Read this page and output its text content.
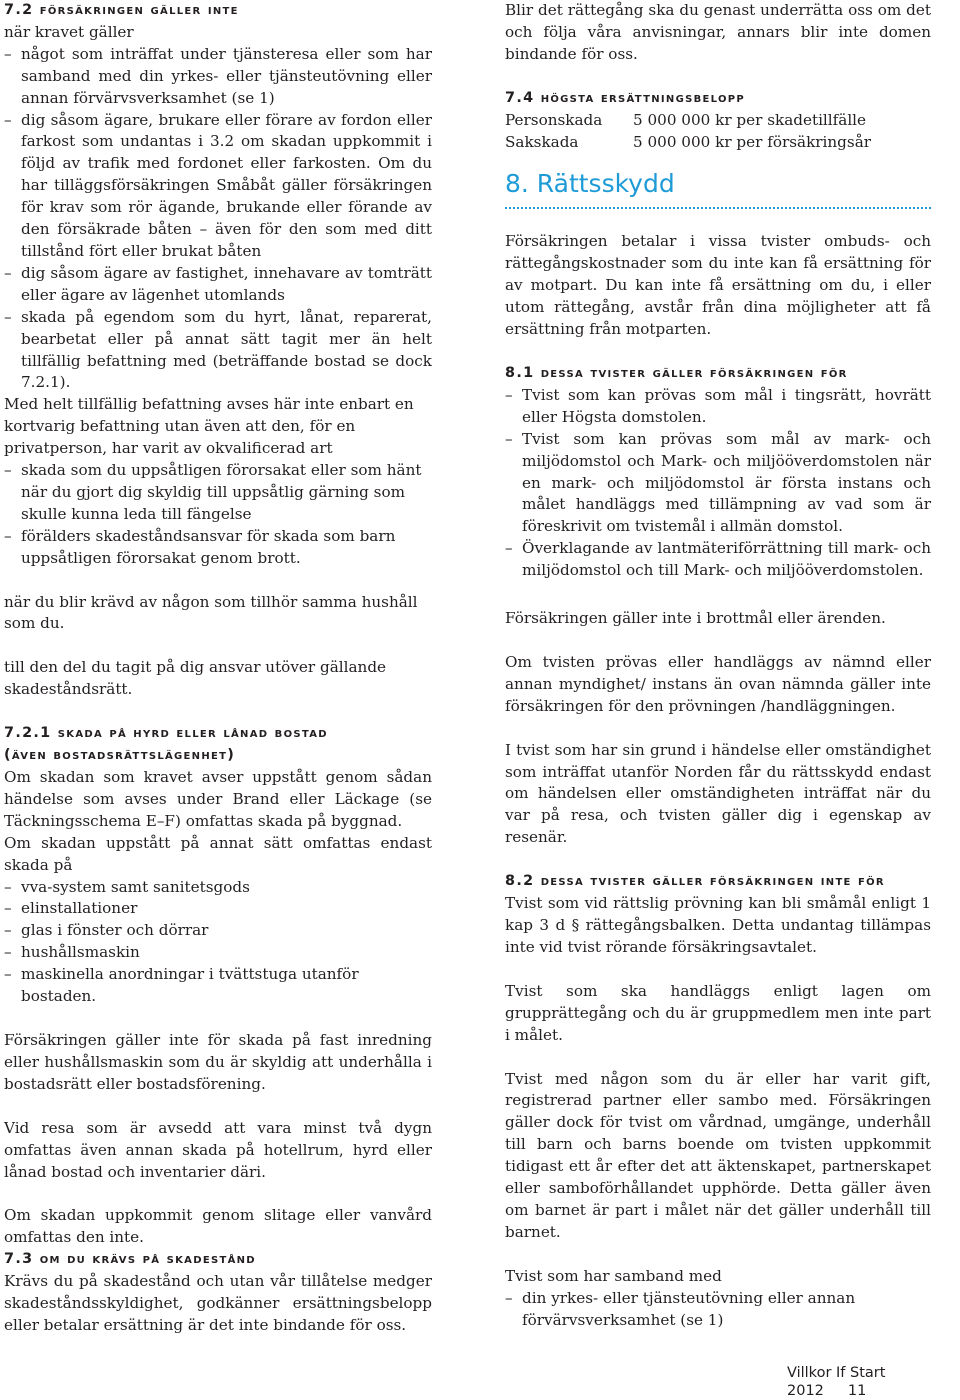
7.2 försäkringen gäller inte

när kravet gäller

– något som inträffat under tjänsteresa eller som har samband med din yrkes- eller tjänsteutövning eller annan förvärvsverksamhet (se 1)
– dig såsom ägare, brukare eller förare av fordon eller farkost som undantas i 3.2 om skadan uppkommit i följd av trafik med fordonet eller farkosten. Om du har tilläggsförsäkringen Småbåt gäller försäkringen för krav som rör ägande, brukande eller förande av den försäkrade båten – även för den som med ditt tillstånd fört eller brukat båten
– dig såsom ägare av fastighet, innehavare av tomträtt eller ägare av lägenhet utomlands
– skada på egendom som du hyrt, lånat, reparerat, bearbetat eller på annat sätt tagit mer än helt tillfällig befattning med (beträffande bostad se dock 7.2.1).

Med helt tillfällig befattning avses här inte enbart en kortvarig befattning utan även att den, för en privatperson, har varit av okvalificerad art

– skada som du uppsåtligen förorsakat eller som hänt när du gjort dig skyldig till uppsåtlig gärning som skulle kunna leda till fängelse
– förälders skadeståndsansvar för skada som barn uppsåtligen förorsakat genom brott.

när du blir krävd av någon som tillhör samma hushåll som du.

till den del du tagit på dig ansvar utöver gällande skadeståndsrätt.

7.2.1 skada på hyrd eller lånad bostad
(även bostadsrättslägenhet)

Om skadan som kravet avser uppstått genom sådan händelse som avses under Brand eller Läckage (se Täckningsschema E–F) omfattas skada på byggnad.

Om skadan uppstått på annat sätt omfattas endast skada på

– vva-system samt sanitetsgods
– elinstallationer
– glas i fönster och dörrar
– hushållsmaskin
– maskinella anordningar i tvättstuga utanför bostaden.

Försäkringen gäller inte för skada på fast inredning eller hushållsmaskin som du är skyldig att underhålla i bostadsrätt eller bostadsförening.

Vid resa som är avsedd att vara minst två dygn omfattas även annan skada på hotellrum, hyrd eller lånad bostad och inventarier däri.

Om skadan uppkommit genom slitage eller vanvård omfattas den inte.

7.3 om du krävs på skadestånd

Krävs du på skadestånd och utan vår tillåtelse medger skadeståndsskyldighet, godkänner ersättningsbelopp eller betalar ersättning är det inte bindande för oss.

Blir det rättegång ska du genast underrätta oss om det och följa våra anvisningar, annars blir inte domen bindande för oss.

7.4 högsta ersättningsbelopp
Personskada	5 000 000 kr per skadetillfälle
Sakskada	5 000 000 kr per försäkringsår
8. Rättsskydd

Försäkringen betalar i vissa tvister ombuds- och rättegångskostnader som du inte kan få ersättning för av motpart. Du kan inte få ersättning om du, i eller utom rättegång, avstår från dina möjligheter att få ersättning från motparten.

8.1 dessa tvister gäller försäkringen för
– Tvist som kan prövas som mål i tingsrätt, hovrätt eller Högsta domstolen.
– Tvist som kan prövas som mål av mark- och miljödomstol och Mark- och miljööverdomstolen när en mark- och miljödomstol är första instans och målet handläggs med tillämpning av vad som är föreskrivit om tvistemål i allmän domstol.
– Överklagande av lantmäteriförrättning till mark- och miljödomstol och till Mark- och miljööverdomstolen.

Försäkringen gäller inte i brottmål eller ärenden.

Om tvisten prövas eller handläggs av nämnd eller annan myndighet/ instans än ovan nämnda gäller inte försäkringen för den prövningen /handläggningen.

I tvist som har sin grund i händelse eller omständighet som inträffat utanför Norden får du rättsskydd endast om händelsen eller omständigheten inträffat när du var på resa, och tvisten gäller dig i egenskap av resenär.

8.2 dessa tvister gäller försäkringen inte för

Tvist som vid rättslig prövning kan bli småmål enligt 1 kap 3 d § rättegångsbalken. Detta undantag tillämpas inte vid tvist rörande försäkringsavtalet.

Tvist som ska handläggs enligt lagen om grupprättegång och du är gruppmedlem men inte part i målet.

Tvist med någon som du är eller har varit gift, registrerad partner eller sambo med. Försäkringen gäller dock för tvist om vårdnad, umgänge, underhåll till barn och barns boende om tvisten uppkommit tidigast ett år efter det att äktenskapet, partnerskapet eller samboförhållandet upphörde. Detta gäller även om barnet är part i målet när det gäller underhåll till barnet.

Tvist som har samband med

– din yrkes- eller tjänsteutövning eller annan förvärvsverksamhet (se 1)
Villkor If Start 2012 11
